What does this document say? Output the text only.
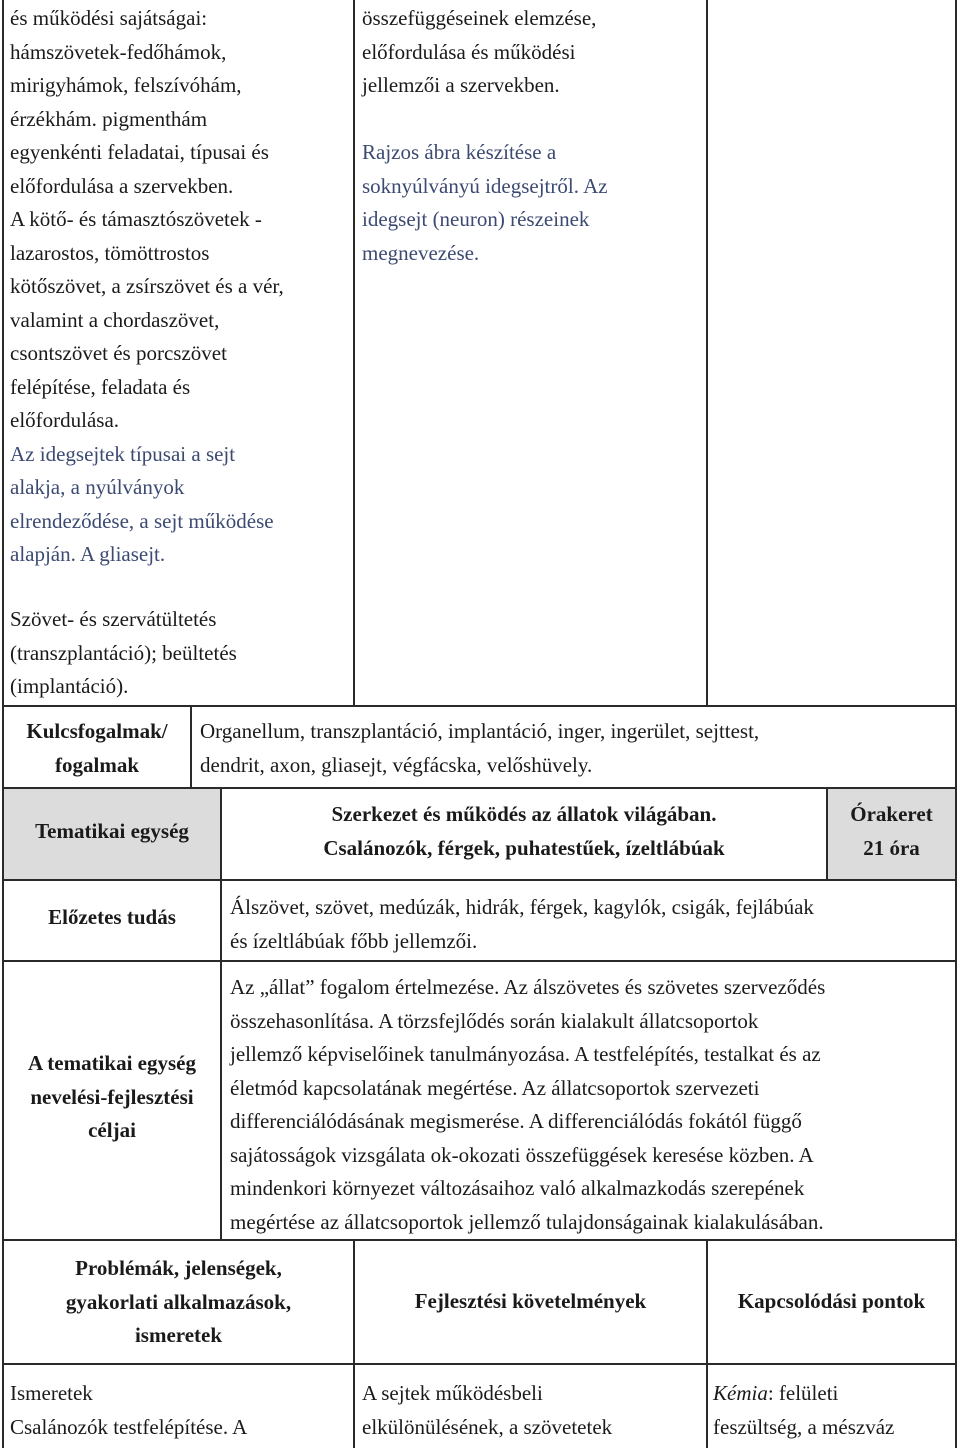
és működési sajátságai:
hámszövetek-fedőhámok,
mirigyhámok, felszívóhám,
érzékhám. pigmenthám
egyenkénti feladatai, típusai és
előfordulása a szervekben.
A kötő- és támasztószövetek -
lazarostos, tömöttrostos
kötőszövet, a zsírszövet és a vér,
valamint a chordaszövet,
csontszövet és porcszövet
felépítése, feladata és
előfordulása.
Az idegsejtek típusai a sejt
alakja, a nyúlványok
elrendeződése, a sejt működése
alapján. A gliasejt.
Szövet- és szervátültetés
(transzplantáció); beültetés
(implantáció).
összefüggéseinek elemzése,
előfordulása és működési
jellemzői a szervekben.
Rajzos ábra készítése a
soknyúlványú idegsejtről. Az
idegsejt (neuron) részeinek
megnevezése.
Kulcsfogalmak/
fogalmak
Organellum, transzplantáció, implantáció, inger, ingerület, sejttest,
dendrit, axon, gliasejt, végfácska, velőshüvely.
Tematikai egység
Szerkezet és működés az állatok világában.
Csalánozók, férgek, puhatestűek, ízeltlábúak
Órakeret
21 óra
Előzetes tudás	Álszövet, szövet, medúzák, hidrák, férgek, kagylók, csigák, fejlábúak
és ízeltlábúak főbb jellemzői.
A tematikai egység
nevelési-fejlesztési
céljai
Az „állat” fogalom értelmezése. Az álszövetes és szövetes szerveződés
összehasonlítása. A törzsfejlődés során kialakult állatcsoportok
jellemző képviselőinek tanulmányozása. A testfelépítés, testalkat és az
életmód kapcsolatának megértése. Az állatcsoportok szervezeti
differenciálódásának megismerése. A differenciálódás fokától függő
sajátosságok vizsgálata ok-okozati összefüggések keresése közben. A
mindenkori környezet változásaihoz való alkalmazkodás szerepének
megértése az állatcsoportok jellemző tulajdonságainak kialakulásában.
Problémák, jelenségek,
gyakorlati alkalmazások,
ismeretek
Fejlesztési követelmények	Kapcsolódási pontok
Ismeretek
Csalánozók testfelépítése. A
A sejtek működésbeli
elkülönülésének, a szövetetek
Kémia: felületi
feszültség, a mészváz
